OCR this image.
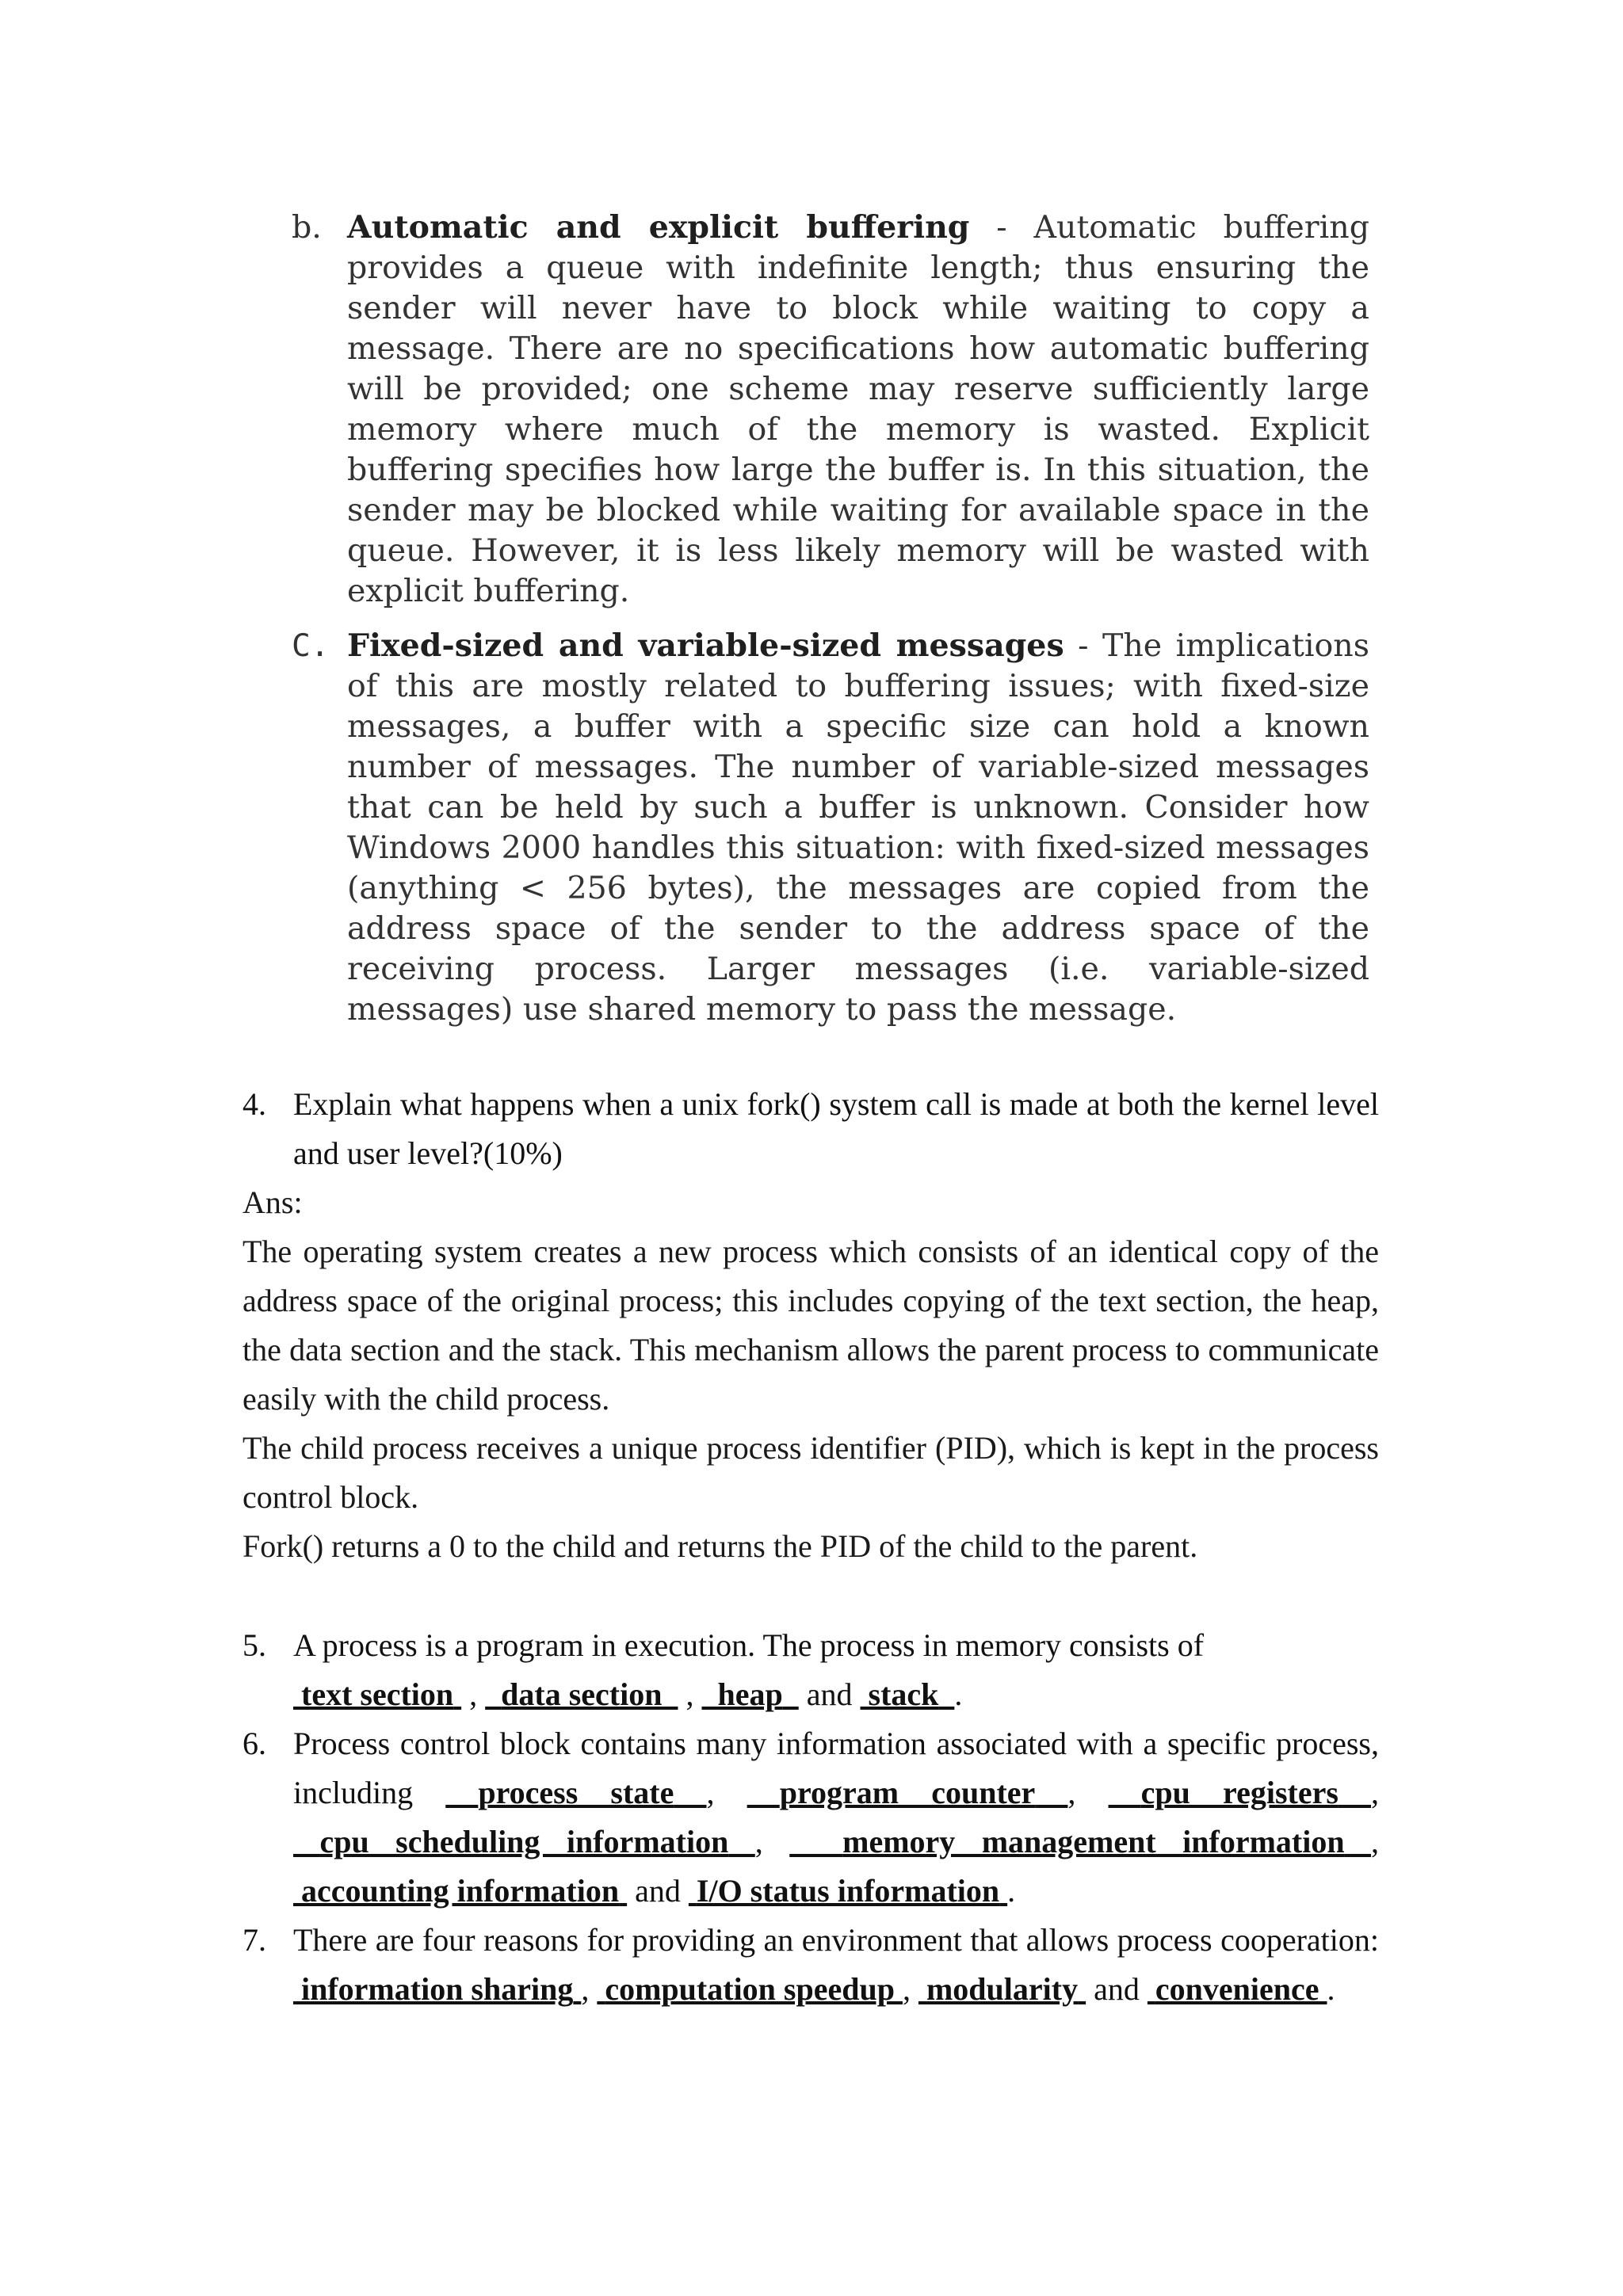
b. Automatic and explicit buffering - Automatic buffering provides a queue with indefinite length; thus ensuring the sender will never have to block while waiting to copy a message. There are no specifications how automatic buffering will be provided; one scheme may reserve sufficiently large memory where much of the memory is wasted. Explicit buffering specifies how large the buffer is. In this situation, the sender may be blocked while waiting for available space in the queue. However, it is less likely memory will be wasted with explicit buffering.
C. Fixed-sized and variable-sized messages - The implications of this are mostly related to buffering issues; with fixed-size messages, a buffer with a specific size can hold a known number of messages. The number of variable-sized messages that can be held by such a buffer is unknown. Consider how Windows 2000 handles this situation: with fixed-sized messages (anything < 256 bytes), the messages are copied from the address space of the sender to the address space of the receiving process. Larger messages (i.e. variable-sized messages) use shared memory to pass the message.
4. Explain what happens when a unix fork() system call is made at both the kernel level and user level?(10%)

Ans:

The operating system creates a new process which consists of an identical copy of the address space of the original process; this includes copying of the text section, the heap, the data section and the stack. This mechanism allows the parent process to communicate easily with the child process.

The child process receives a unique process identifier (PID), which is kept in the process control block.

Fork() returns a 0 to the child and returns the PID of the child to the parent.

5. A process is a program in execution. The process in memory consists of
text section , data section , heap and stack .
6. Process control block contains many information associated with a specific process, including process state ,  program counter ,  cpu registers ,  cpu scheduling information ,   memory management information ,  accounting information and I/O status information .
7. There are four reasons for providing an environment that allows process cooperation:  information sharing ,  computation speedup ,  modularity and convenience .
